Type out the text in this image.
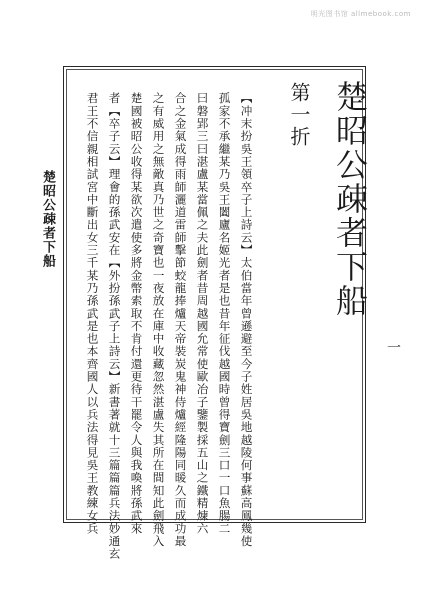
明光图书馆 allmebook.com
楚昭公疎者下船
一
楚昭公疎者下船
第一折
【冲末扮吳王領卒子上詩云】太伯當年曾遜避至今子姓居吳地越陵何事蘇高鳳幾使
孤家不承繼某乃吳王闔廬名姬光者是也昔年征伐越國時曾得寶劍三口一口魚腸二
曰磐郢三曰湛盧某當佩之夫此劍者昔周越國允常使歐冶子鑒製採五山之鐵精煉六
合之金氣成得雨師灑道雷師擊節蛟龍捧爐天帝裝炭鬼神侍爐經隆陽同暖久而成功最
之有威用之無敵真乃世之奇寶也一夜放在庫中收藏忽然湛盧失其所在間知此劍飛入
楚國被昭公收得某欲次遣使多將金幣索取不肯付還更待干罷令人與我喚將孫武來
者【卒子云】理會的孫武安在【外扮孫武子上詩云】新書著就十三篇篇篇兵法妙通玄
君王不信親相試宮中斷出女三千某乃孫武是也本齊國人以兵法得見吳王教練女兵
